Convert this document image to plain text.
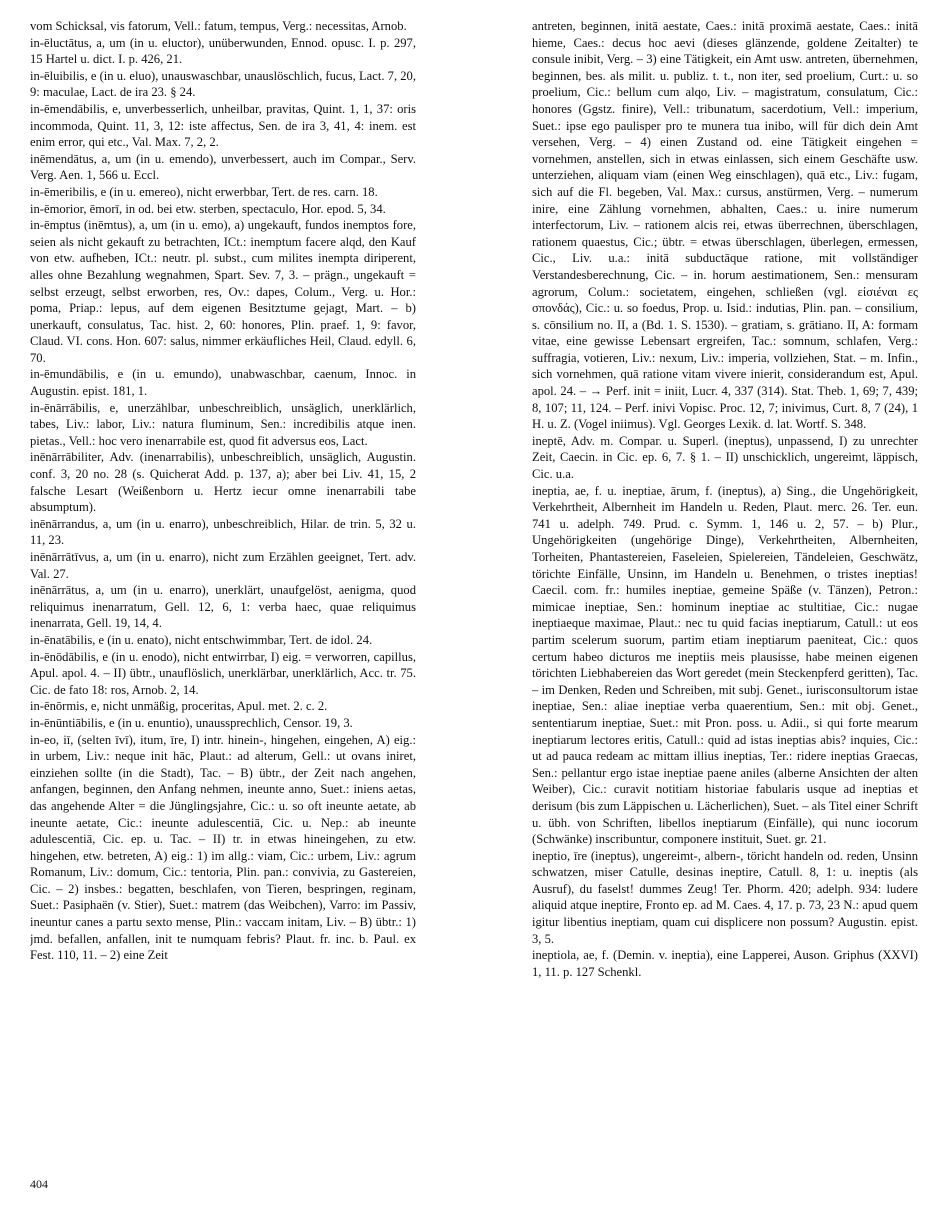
vom Schicksal, vis fatorum, Vell.: fatum, tempus, Verg.: necessitas, Arnob.

in-ēluctātus, a, um (in u. eluctor), unüberwunden, Ennod. opusc. I. p. 297, 15 Hartel u. dict. I. p. 426, 21.

in-ēluibilis, e (in u. eluo), unauswaschbar, unauslöschlich, fucus, Lact. 7, 20, 9: maculae, Lact. de ira 23. § 24.

in-ēmendābilis, e, unverbesserlich, unheilbar, pravitas, Quint. 1, 1, 37: oris incommoda, Quint. 11, 3, 12: iste affectus, Sen. de ira 3, 41, 4: inem. est enim error, qui etc., Val. Max. 7, 2, 2.

inēmendātus, a, um (in u. emendo), unverbessert, auch im Compar., Serv. Verg. Aen. 1, 566 u. Eccl.

in-ēmeribilis, e (in u. emereo), nicht erwerbbar, Tert. de res. carn. 18.

in-ēmorior, ēmorī, in od. bei etw. sterben, spectaculo, Hor. epod. 5, 34.

in-ēmptus (inēmtus), a, um (in u. emo), a) ungekauft, fundos inemptos fore, seien als nicht gekauft zu betrachten, ICt.: inemptum facere alqd, den Kauf von etw. aufheben, ICt.: neutr. pl. subst., cum milites inempta diriperent, alles ohne Bezahlung wegnahmen, Spart. Sev. 7, 3. – prägn., ungekauft = selbst erzeugt, selbst erworben, res, Ov.: dapes, Colum., Verg. u. Hor.: poma, Priap.: lepus, auf dem eigenen Besitztume gejagt, Mart. – b) unerkauft, consulatus, Tac. hist. 2, 60: honores, Plin. praef. 1, 9: favor, Claud. VI. cons. Hon. 607: salus, nimmer erkäufliches Heil, Claud. edyll. 6, 70.

in-ēmundābilis, e (in u. emundo), unabwaschbar, caenum, Innoc. in Augustin. epist. 181, 1.

in-ēnārrābilis, e, unerzählbar, unbeschreiblich, unsäglich, unerklärlich, tabes, Liv.: labor, Liv.: natura fluminum, Sen.: incredibilis atque inen. pietas., Vell.: hoc vero inenarrabile est, quod fit adversus eos, Lact.

inēnārrābiliter, Adv. (inenarrabilis), unbeschreiblich, unsäglich, Augustin. conf. 3, 20 no. 28 (s. Quicherat Add. p. 137, a); aber bei Liv. 41, 15, 2 falsche Lesart (Weißenborn u. Hertz iecur omne inenarrabili tabe absumptum).

inēnārrandus, a, um (in u. enarro), unbeschreiblich, Hilar. de trin. 5, 32 u. 11, 23.

inēnārrātīvus, a, um (in u. enarro), nicht zum Erzählen geeignet, Tert. adv. Val. 27.

inēnārrātus, a, um (in u. enarro), unerklärt, unaufgelöst, aenigma, quod reliquimus inenarratum, Gell. 12, 6, 1: verba haec, quae reliquimus inenarrata, Gell. 19, 14, 4.

in-ēnatābilis, e (in u. enato), nicht entschwimmbar, Tert. de idol. 24.

in-ēnōdābilis, e (in u. enodo), nicht entwirrbar, I) eig. = verworren, capillus, Apul. apol. 4. – II) übtr., unauflöslich, unerklärbar, unerklärlich, Acc. tr. 75. Cic. de fato 18: ros, Arnob. 2, 14.

in-ēnōrmis, e, nicht unmäßig, proceritas, Apul. met. 2. c. 2.

in-ēnūntiābilis, e (in u. enuntio), unaussprechlich, Censor. 19, 3.

in-eo, iī, (selten īvī), itum, īre, I) intr. hinein-, hingehen, eingehen, A) eig.: in urbem, Liv.: neque init hāc, Plaut.: ad alterum, Gell.: ut ovans iniret, einziehen sollte (in die Stadt), Tac. – B) übtr., der Zeit nach angehen, anfangen, beginnen, den Anfang nehmen, ineunte anno, Suet.: iniens aetas, das angehende Alter = die Jünglingsjahre, Cic.: u. so oft ineunte aetate, ab ineunte aetate, Cic.: ineunte adulescentiā, Cic. u. Nep.: ab ineunte adulescentiā, Cic. ep. u. Tac. – II) tr. in etwas hineingehen, zu etw. hingehen, etw. betreten, A) eig.: 1) im allg.: viam, Cic.: urbem, Liv.: agrum Romanum, Liv.: domum, Cic.: tentoria, Plin. pan.: convivia, zu Gastereien, Cic. – 2) insbes.: begatten, beschlafen, von Tieren, bespringen, reginam, Suet.: Pasiphaën (v. Stier), Suet.: matrem (das Weibchen), Varro: im Passiv, ineuntur canes a partu sexto mense, Plin.: vaccam initam, Liv. – B) übtr.: 1) jmd. befallen, anfallen, init te numquam febris? Plaut. fr. inc. b. Paul. ex Fest. 110, 11. – 2) eine Zeit

antreten, beginnen, initā aestate, Caes.: initā proximā aestate, Caes.: initā hieme, Caes.: decus hoc aevi (dieses glänzende, goldene Zeitalter) te consule inibit, Verg. – 3) eine Tätigkeit, ein Amt usw. antreten, übernehmen, beginnen, bes. als milit. u. publiz. t. t., non iter, sed proelium, Curt.: u. so proelium, Cic.: bellum cum alqo, Liv. – magistratum, consulatum, Cic.: honores (Ggstz. finire), Vell.: tribunatum, sacerdotium, Vell.: imperium, Suet.: ipse ego paulisper pro te munera tua inibo, will für dich dein Amt versehen, Verg. – 4) einen Zustand od. eine Tätigkeit eingehen = vornehmen, anstellen, sich in etwas einlassen, sich einem Geschäfte usw. unterziehen, aliquam viam (einen Weg einschlagen), quā etc., Liv.: fugam, sich auf die Fl. begeben, Val. Max.: cursus, anstürmen, Verg. – numerum inire, eine Zählung vornehmen, abhalten, Caes.: u. inire numerum interfectorum, Liv. – rationem alcis rei, etwas überrechnen, überschlagen, rationem quaestus, Cic.; übtr. = etwas überschlagen, überlegen, ermessen, Cic., Liv. u.a.: initā subductāque ratione, mit vollständiger Verstandesberechnung, Cic. – in. horum aestimationem, Sen.: mensuram agrorum, Colum.: societatem, eingehen, schließen (vgl. εἰσιέναι ες σπονδάς), Cic.: u. so foedus, Prop. u. Isid.: indutias, Plin. pan. – consilium, s. cōnsilium no. II, a (Bd. 1. S. 1530). – gratiam, s. grātiano. II, A: formam vitae, eine gewisse Lebensart ergreifen, Tac.: somnum, schlafen, Verg.: suffragia, votieren, Liv.: nexum, Liv.: imperia, vollziehen, Stat. – m. Infin., sich vornehmen, quā ratione vitam vivere inierit, considerandum est, Apul. apol. 24. – → Perf. init = iniit, Lucr. 4, 337 (314). Stat. Theb. 1, 69; 7, 439; 8, 107; 11, 124. – Perf. inivi Vopisc. Proc. 12, 7; inivimus, Curt. 8, 7 (24), 1 H. u. Z. (Vogel iniimus). Vgl. Georges Lexik. d. lat. Wortf. S. 348.

ineptē, Adv. m. Compar. u. Superl. (ineptus), unpassend, I) zu unrechter Zeit, Caecin. in Cic. ep. 6, 7. § 1. – II) unschicklich, ungereimt, läppisch, Cic. u.a.

ineptia, ae, f. u. ineptiae, ārum, f. (ineptus), a) Sing., die Ungehörigkeit, Verkehrtheit, Albernheit im Handeln u. Reden, Plaut. merc. 26. Ter. eun. 741 u. adelph. 749. Prud. c. Symm. 1, 146 u. 2, 57. – b) Plur., Ungehörigkeiten (ungehörige Dinge), Verkehrtheiten, Albernheiten, Torheiten, Phantastereien, Faseleien, Spielereien, Tändeleien, Geschwätz, törichte Einfälle, Unsinn, im Handeln u. Benehmen, o tristes ineptias! Caecil. com. fr.: humiles ineptiae, gemeine Späße (v. Tänzen), Petron.: mimicae ineptiae, Sen.: hominum ineptiae ac stultitiae, Cic.: nugae ineptiaeque maximae, Plaut.: nec tu quid facias ineptiarum, Catull.: ut eos partim scelerum suorum, partim etiam ineptiarum paeniteat, Cic.: quos certum habeo dicturos me ineptiis meis plausisse, habe meinen eigenen törichten Liebhabereien das Wort geredet (mein Steckenpferd geritten), Tac. – im Denken, Reden und Schreiben, mit subj. Genet., iurisconsultorum istae ineptiae, Sen.: aliae ineptiae verba quaerentium, Sen.: mit obj. Genet., sententiarum ineptiae, Suet.: mit Pron. poss. u. Adii., si qui forte mearum ineptiarum lectores eritis, Catull.: quid ad istas ineptias abis? inquies, Cic.: ut ad pauca redeam ac mittam illius ineptias, Ter.: ridere ineptias Graecas, Sen.: pellantur ergo istae ineptiae paene aniles (alberne Ansichten der alten Weiber), Cic.: curavit notitiam historiae fabularis usque ad ineptias et derisum (bis zum Läppischen u. Lächerlichen), Suet. – als Titel einer Schrift u. übh. von Schriften, libellos ineptiarum (Einfälle), qui nunc iocorum (Schwänke) inscribuntur, componere instituit, Suet. gr. 21.

ineptio, īre (ineptus), ungereimt-, albern-, töricht handeln od. reden, Unsinn schwatzen, miser Catulle, desinas ineptire, Catull. 8, 1: u. ineptis (als Ausruf), du faselst! dummes Zeug! Ter. Phorm. 420; adelph. 934: ludere aliquid atque ineptire, Fronto ep. ad M. Caes. 4, 17. p. 73, 23 N.: apud quem igitur libentius ineptiam, quam cui displicere non possum? Augustin. epist. 3, 5.

ineptiola, ae, f. (Demin. v. ineptia), eine Lapperei, Auson. Griphus (XXVI) 1, 11. p. 127 Schenkl.

404
